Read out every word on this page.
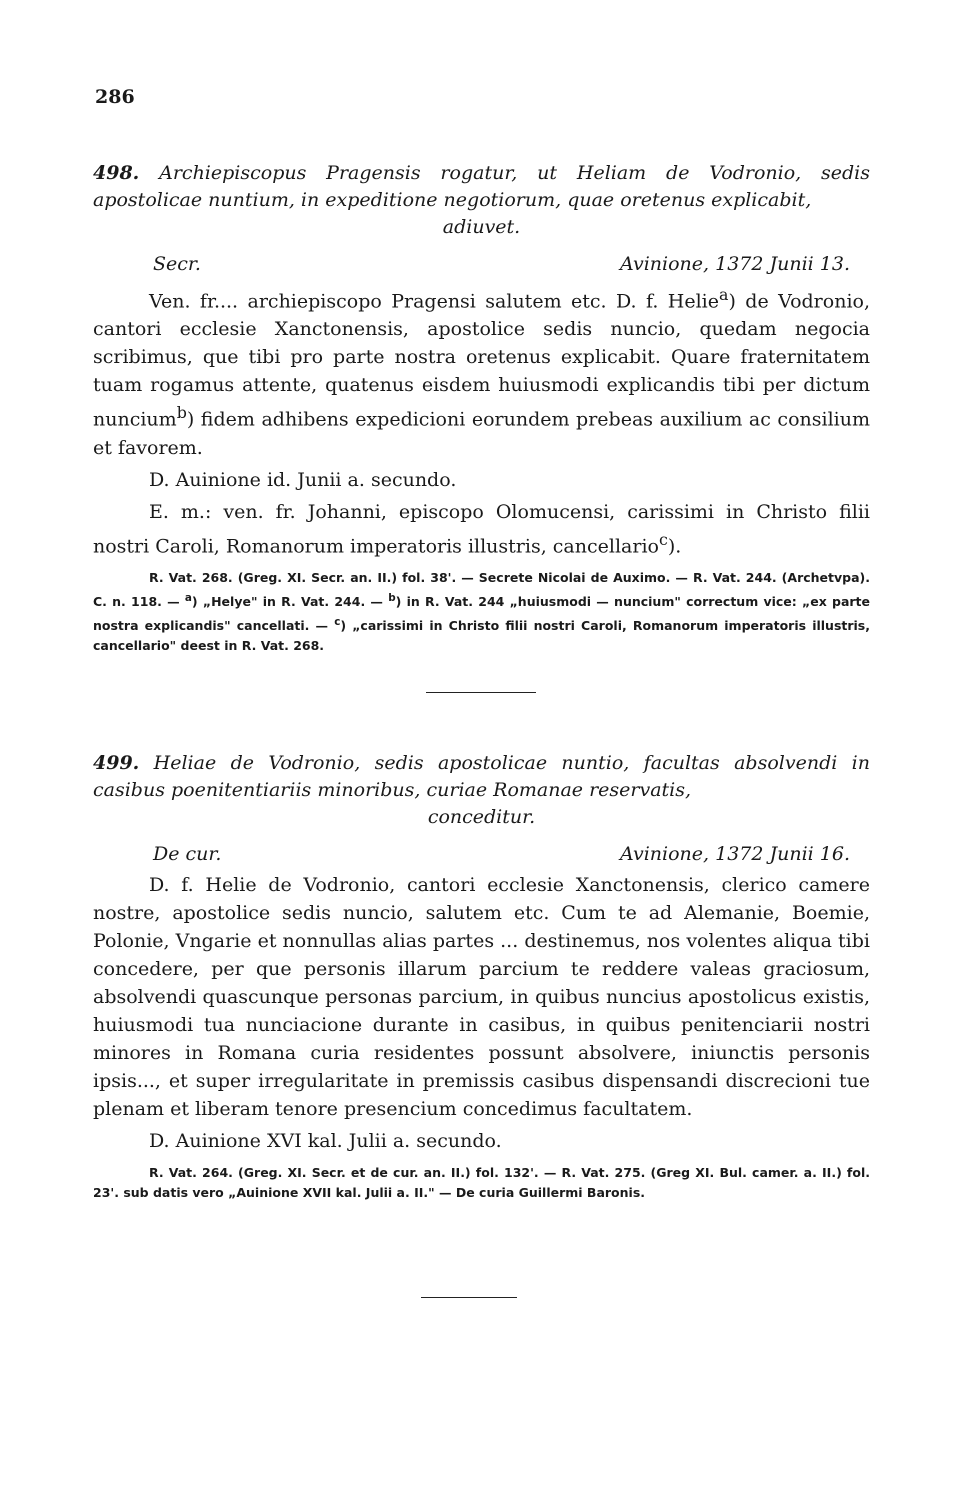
286

498. Archiepiscopus Pragensis rogatur, ut Heliam de Vodronio, sedis apostolicae nuntium, in expeditione negotiorum, quae oretenus explicabit,

adiuvet.

Secr.	Avinione, 1372 Junii 13.

Ven. fr.... archiepiscopo Pragensi salutem etc. D. f. Helie$^a$) de Vodronio, cantori ecclesie Xanctonensis, apostolice sedis nuncio, quedam negocia scribimus, que tibi pro parte nostra oretenus explicabit. Quare fraternitatem tuam rogamus attente, quatenus eisdem huiusmodi explicandis tibi per dictum nuncium$^b$) fidem adhibens expedicioni eorundem prebeas auxilium ac consilium et favorem.

D. Auinione id. Junii a. secundo.

E. m.: ven. fr. Johanni, episcopo Olomucensi, carissimi in Christo filii nostri Caroli, Romanorum imperatoris illustris, cancellario$^c$).

R. Vat. 268. (Greg. XI. Secr. an. II.) fol. 38'. — Secrete Nicolai de Auximo. — R. Vat. 244. (Archetvpa). C. n. 118. — $^a$) „Helye" in R. Vat. 244. — $^b$) in R. Vat. 244 „huiusmodi — nuncium" correctum vice: „ex parte nostra explicandis" cancellati. — $^c$) „carissimi in Christo filii nostri Caroli, Romanorum imperatoris illustris, cancellario" deest in R. Vat. 268.

499. Heliae de Vodronio, sedis apostolicae nuntio, facultas absolvendi in casibus poenitentiariis minoribus, curiae Romanae reservatis,

conceditur.

De cur.	Avinione, 1372 Junii 16.

D. f. Helie de Vodronio, cantori ecclesie Xanctonensis, clerico camere nostre, apostolice sedis nuncio, salutem etc. Cum te ad Alemanie, Boemie, Polonie, Vngarie et nonnullas alias partes ... destinemus, nos volentes aliqua tibi concedere, per que personis illarum parcium te reddere valeas graciosum, absolvendi quascunque personas parcium, in quibus nuncius apostolicus existis, huiusmodi tua nunciacione durante in casibus, in quibus penitenciarii nostri minores in Romana curia residentes possunt absolvere, iniunctis personis ipsis..., et super irregularitate in premissis casibus dispensandi discrecioni tue plenam et liberam tenore presencium concedimus facultatem.

D. Auinione XVI kal. Julii a. secundo.

R. Vat. 264. (Greg. XI. Secr. et de cur. an. II.) fol. 132'. — R. Vat. 275. (Greg XI. Bul. camer. a. II.) fol. 23'. sub datis vero „Auinione XVII kal. Julii a. II." — De curia Guillermi Baronis.
